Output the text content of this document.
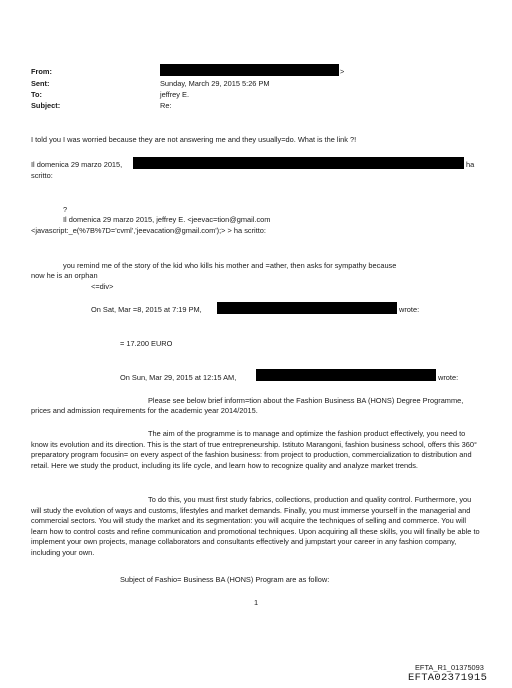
From:	>
Sent:	Sunday, March 29, 2015 5:26 PM
To:	jeffrey E.
Subject:	Re:
I told you I was worried because they are not answering me and they usually=do. What is the link ?!
Il domenica 29 marzo 2015,	ha
scritto:
?
Il domenica 29 marzo 2015, jeffrey E. <jeevac=tion@gmail.com
<javascript:_e(%7B%7D='cvml','jeevacation@gmail.com');> > ha scritto:
you remind me of the story of the kid who kills his mother and =ather, then asks for sympathy because
now he is an orphan
<=div>
On Sat, Mar =8, 2015 at 7:19 PM,	wrote:
= 17.200 EURO
On Sun, Mar 29, 2015 at 12:15 AM,	wrote:
Please see below brief inform=tion about the Fashion Business BA (HONS) Degree Programme,
prices and admission requirements for the academic year 2014/2015.
The aim of the programme is to manage and optimize the fashion product effectively, you need to know its evolution and its direction. This is the start of true entrepreneurship. Istituto Marangoni, fashion business school, offers this 360° preparatory program focusin= on every aspect of the fashion business: from project to production, commercialization to distribution and retail. Here we study the product, including its life cycle, and learn how to recognize quality and analyze market trends.
To do this, you must first study fabrics, collections, production and quality control. Furthermore, you will study the evolution of ways and customs, lifestyles and market demands. Finally, you must immerse yourself in the managerial and commercial sectors. You will study the market and its segmentation: you will acquire the techniques of selling and commerce. You will learn how to control costs and refine communication and promotional techniques. Upon acquiring all these skills, you will finally be able to implement your own projects, manage collaborators and consultants effectively and jumpstart your career in any fashion company, including your own.
Subject of Fashio= Business BA (HONS) Program are as follow:
1
EFTA_R1_01375093
EFTA02371915
